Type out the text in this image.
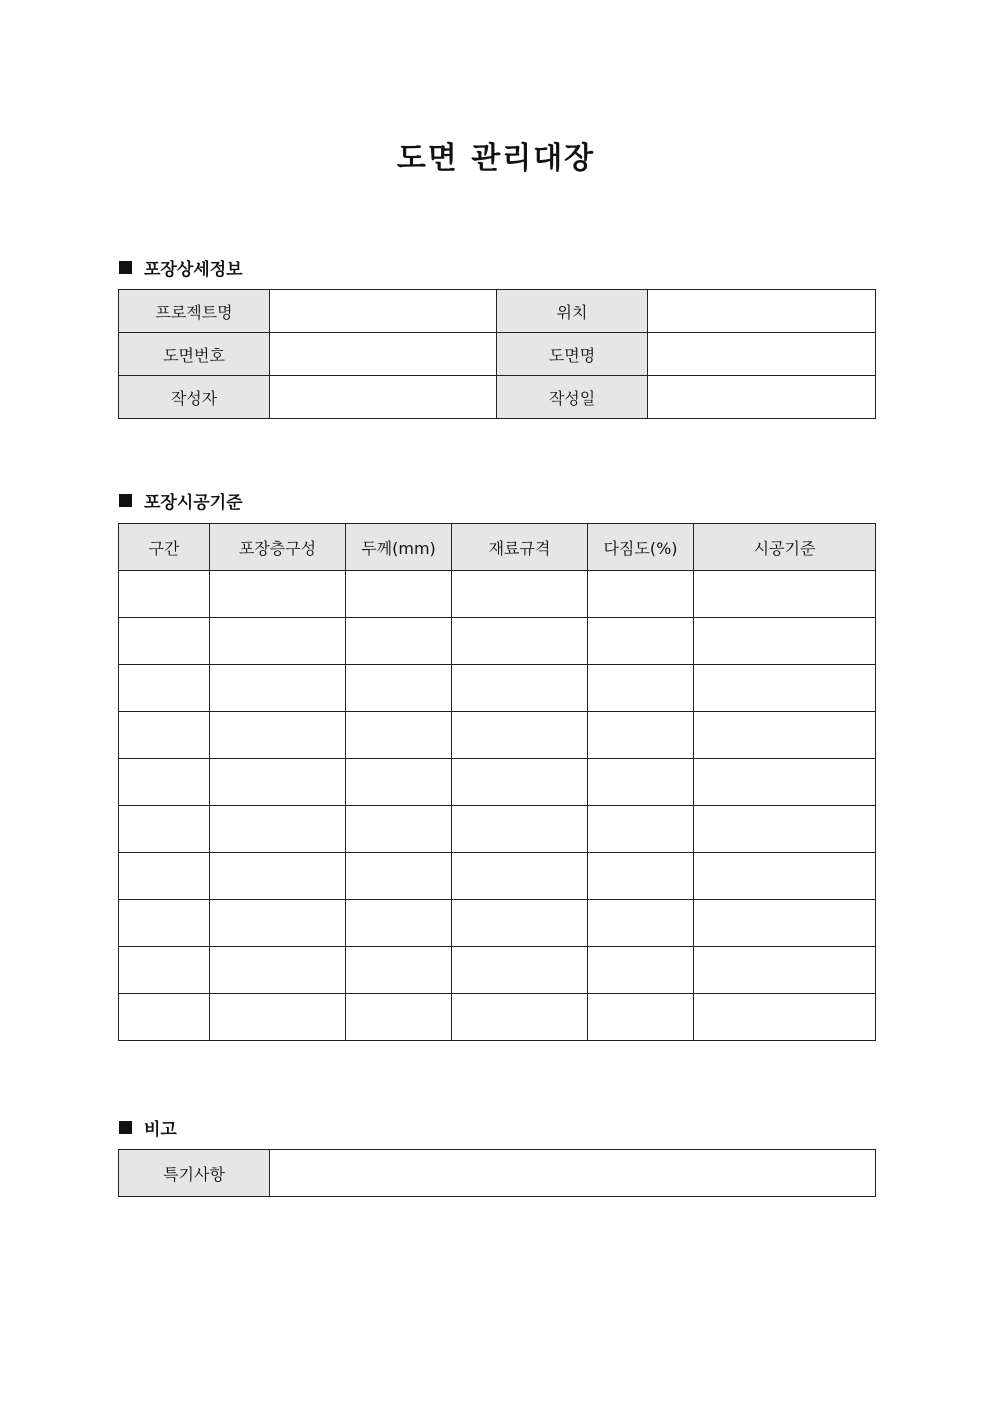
도면 관리대장
포장상세정보
프로젝트명		위치	
도면번호		도면명	
작성자		작성일	
포장시공기준
구간	포장층구성	두께(mm)	재료규격	다짐도(%)	시공기준

비고
특기사항	
